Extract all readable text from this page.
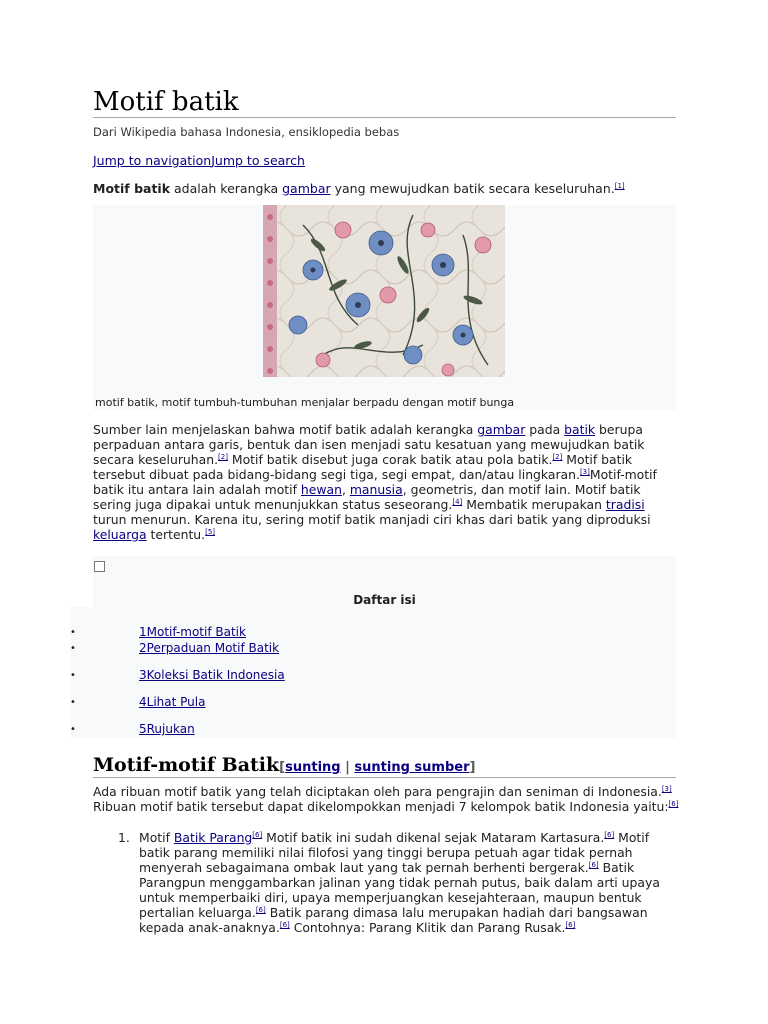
Motif batik
Dari Wikipedia bahasa Indonesia, ensiklopedia bebas
Jump to navigationJump to search
Motif batik adalah kerangka gambar yang mewujudkan batik secara keseluruhan.[1]
motif batik, motif tumbuh-tumbuhan menjalar berpadu dengan motif bunga
Sumber lain menjelaskan bahwa motif batik adalah kerangka gambar pada batik berupa perpaduan antara garis, bentuk dan isen menjadi satu kesatuan yang mewujudkan batik secara keseluruhan.[2] Motif batik disebut juga corak batik atau pola batik.[2] Motif batik tersebut dibuat pada bidang-bidang segi tiga, segi empat, dan/atau lingkaran.[3]Motif-motif batik itu antara lain adalah motif hewan, manusia, geometris, dan motif lain. Motif batik sering juga dipakai untuk menunjukkan status seseorang.[4] Membatik merupakan tradisi turun menurun. Karena itu, sering motif batik manjadi ciri khas dari batik yang diproduksi keluarga tertentu.[5]
Daftar isi
•	1Motif-motif Batik
•	2Perpaduan Motif Batik
•	3Koleksi Batik Indonesia
•	4Lihat Pula
•	5Rujukan
Motif-motif Batik[sunting | sunting sumber]
Ada ribuan motif batik yang telah diciptakan oleh para pengrajin dan seniman di Indonesia.[3] Ribuan motif batik tersebut dapat dikelompokkan menjadi 7 kelompok batik Indonesia yaitu:[6]
1. Motif Batik Parang[6] Motif batik ini sudah dikenal sejak Mataram Kartasura.[6] Motif batik parang memiliki nilai filofosi yang tinggi berupa petuah agar tidak pernah menyerah sebagaimana ombak laut yang tak pernah berhenti bergerak.[6] Batik Parangpun menggambarkan jalinan yang tidak pernah putus, baik dalam arti upaya untuk memperbaiki diri, upaya memperjuangkan kesejahteraan, maupun bentuk pertalian keluarga.[6] Batik parang dimasa lalu merupakan hadiah dari bangsawan kepada anak-anaknya.[6] Contohnya: Parang Klitik dan Parang Rusak.[6]
